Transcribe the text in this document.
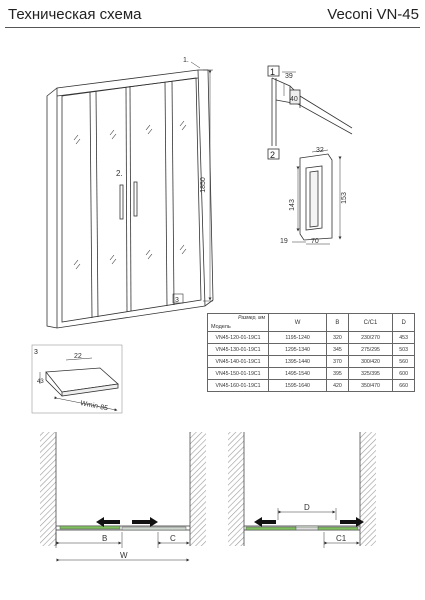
Техническая схема	Veconi VN-45
1.
2.
3
1850
1 39
40
2	32
143
153
19	70
3
22
43
Wmin-85
B	C
W
D
C1
Размер, мм
Модель	W	B	C/C1	D
VN45-120-01-19C1	1195-1240	320	230/270	453
VN45-130-01-19C1	1295-1340	345	275/295	503
VN45-140-01-19C1	1395-1440	370	300/420	560
VN45-150-01-19C1	1495-1540	395	325/395	600
VN45-160-01-19C1	1595-1640	420	350/470	660
